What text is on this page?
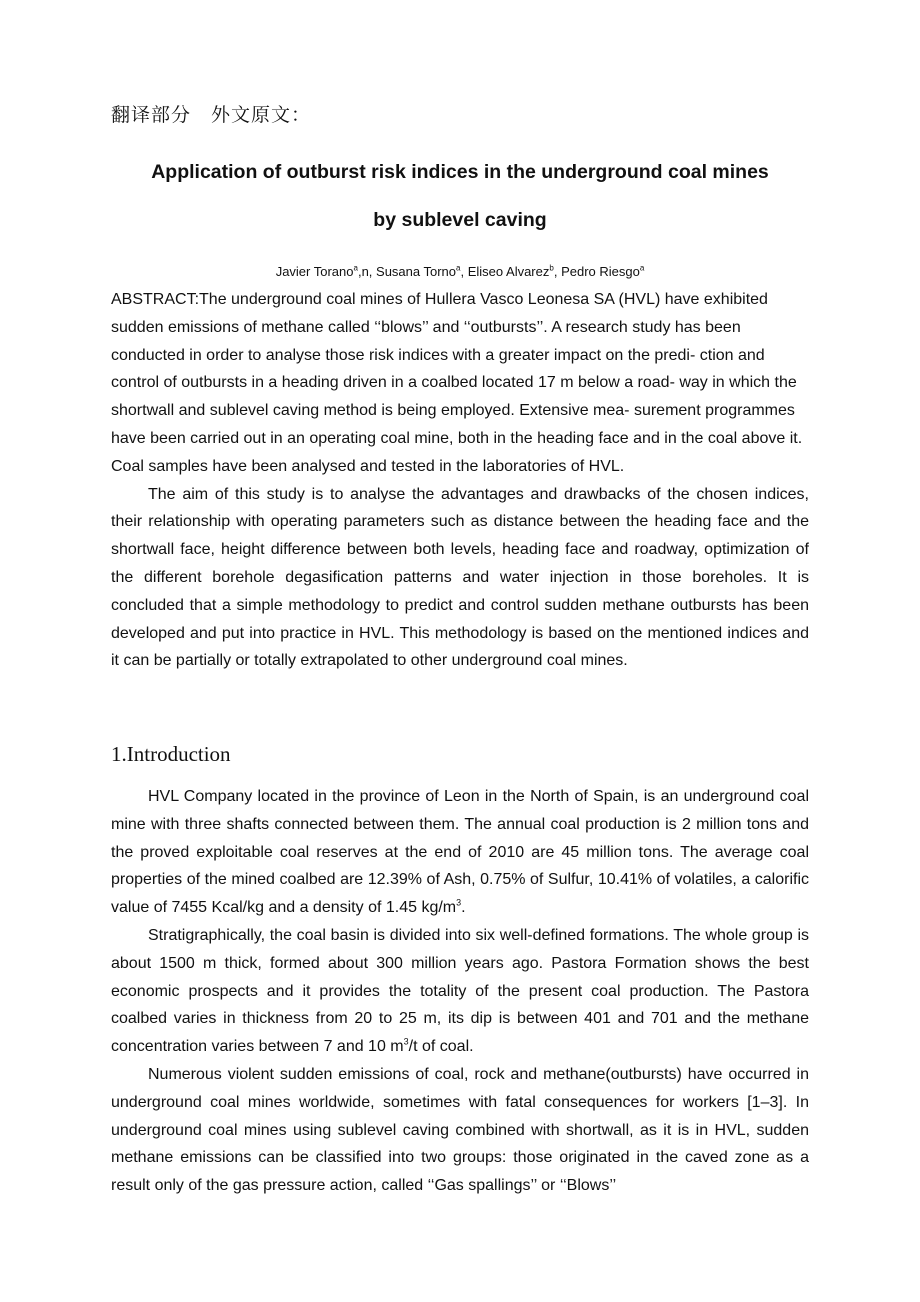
翻译部分　外文原文：
Application of outburst risk indices in the underground coal mines
by sublevel caving
Javier Torano$^a$,n, Susana Torno$^a$, Eliseo Alvarez$^b$, Pedro Riesgo$^a$

ABSTRACT:The underground coal mines of Hullera Vasco Leonesa SA (HVL) have exhibited sudden emissions of methane called ‘‘blows’’ and ‘‘outbursts’’. A research study has been conducted in order to analyse those risk indices with a greater impact on the predi- ction and control of outbursts in a heading driven in a coalbed located 17 m below a road- way in which the shortwall and sublevel caving method is being employed. Extensive mea- surement programmes have been carried out in an operating coal mine, both in the heading face and in the coal above it. Coal samples have been analysed and tested in the laboratories of HVL.

The aim of this study is to analyse the advantages and drawbacks of the chosen indices, their relationship with operating parameters such as distance between the heading face and the shortwall face, height difference between both levels, heading face and roadway, optimization of the different borehole degasification patterns and water injection in those boreholes. It is concluded that a simple methodology to predict and control sudden methane outbursts has been developed and put into practice in HVL. This methodology is based on the mentioned indices and it can be partially or totally extrapolated to other underground coal mines.

1.Introduction

HVL Company located in the province of Leon in the North of Spain, is an underground coal mine with three shafts connected between them. The annual coal production is 2 million tons and the proved exploitable coal reserves at the end of 2010 are 45 million tons. The average coal properties of the mined coalbed are 12.39% of Ash, 0.75% of Sulfur, 10.41% of volatiles, a calorific value of 7455 Kcal/kg and a density of 1.45 $kg/m^3$.

Stratigraphically, the coal basin is divided into six well-defined formations. The whole group is about 1500 m thick, formed about 300 million years ago. Pastora Formation shows the best economic prospects and it provides the totality of the present coal production. The Pastora coalbed varies in thickness from 20 to 25 m, its dip is between 401 and 701 and the methane concentration varies between 7 and 10 $m^3/t$ of coal.

Numerous violent sudden emissions of coal, rock and methane(outbursts) have occurred in underground coal mines worldwide, sometimes with fatal consequences for workers [1–3]. In underground coal mines using sublevel caving combined with shortwall, as it is in HVL, sudden methane emissions can be classified into two groups: those originated in the caved zone as a result only of the gas pressure action, called ‘‘Gas spallings’’ or ‘‘Blows’’
